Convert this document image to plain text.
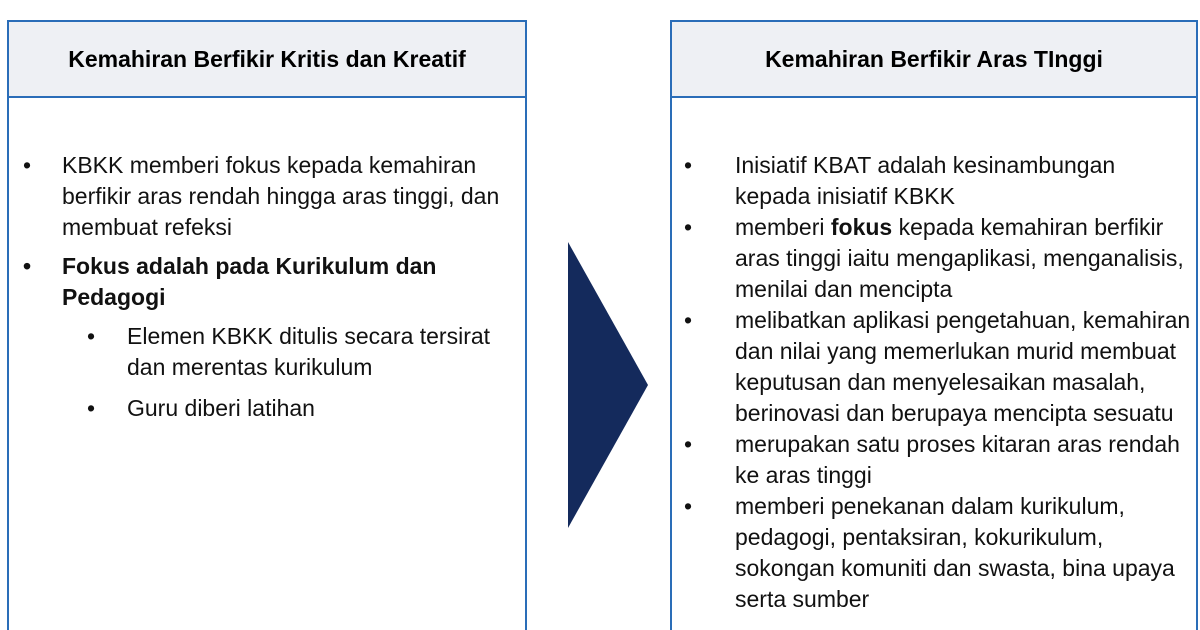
Kemahiran Berfikir Kritis dan Kreatif
• KBKK memberi fokus kepada kemahiran berfikir aras rendah hingga aras tinggi, dan membuat refeksi
• Fokus adalah pada Kurikulum dan Pedagogi
• Elemen KBKK ditulis secara tersirat dan merentas kurikulum
• Guru diberi latihan
Kemahiran Berfikir Aras TInggi
• Inisiatif KBAT adalah kesinambungan kepada inisiatif KBKK
• memberi fokus kepada kemahiran berfikir aras tinggi iaitu mengaplikasi, menganalisis, menilai dan mencipta
• melibatkan aplikasi pengetahuan, kemahiran dan nilai yang memerlukan murid membuat keputusan dan menyelesaikan masalah, berinovasi dan berupaya mencipta sesuatu
• merupakan satu proses kitaran aras rendah ke aras tinggi
• memberi penekanan dalam kurikulum, pedagogi, pentaksiran, kokurikulum, sokongan komuniti dan swasta, bina upaya serta sumber
